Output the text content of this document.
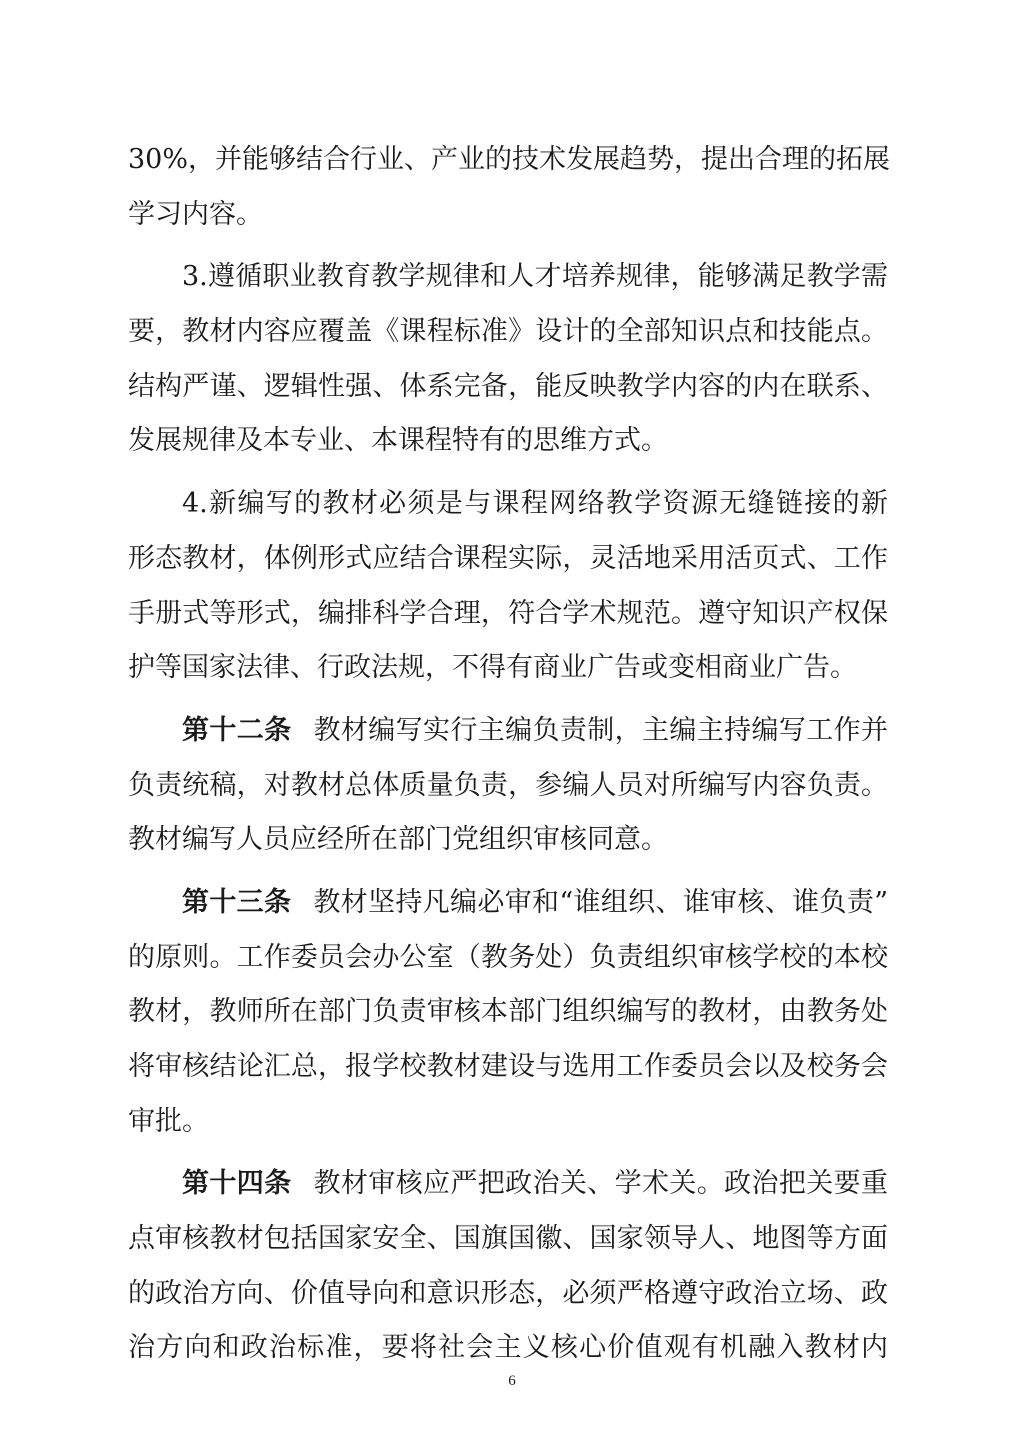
30%，并能够结合行业、产业的技术发展趋势，提出合理的拓展
学习内容。
3.遵循职业教育教学规律和人才培养规律，能够满足教学需
要，教材内容应覆盖《课程标准》设计的全部知识点和技能点。
结构严谨、逻辑性强、体系完备，能反映教学内容的内在联系、
发展规律及本专业、本课程特有的思维方式。
4.新编写的教材必须是与课程网络教学资源无缝链接的新
形态教材，体例形式应结合课程实际，灵活地采用活页式、工作
手册式等形式，编排科学合理，符合学术规范。遵守知识产权保
护等国家法律、行政法规，不得有商业广告或变相商业广告。
第十二条 教材编写实行主编负责制，主编主持编写工作并
负责统稿，对教材总体质量负责，参编人员对所编写内容负责。
教材编写人员应经所在部门党组织审核同意。
第十三条 教材坚持凡编必审和“谁组织、谁审核、谁负责”
的原则。工作委员会办公室（教务处）负责组织审核学校的本校
教材，教师所在部门负责审核本部门组织编写的教材，由教务处
将审核结论汇总，报学校教材建设与选用工作委员会以及校务会
审批。
第十四条 教材审核应严把政治关、学术关。政治把关要重
点审核教材包括国家安全、国旗国徽、国家领导人、地图等方面
的政治方向、价值导向和意识形态，必须严格遵守政治立场、政
治方向和政治标准，要将社会主义核心价值观有机融入教材内
6
